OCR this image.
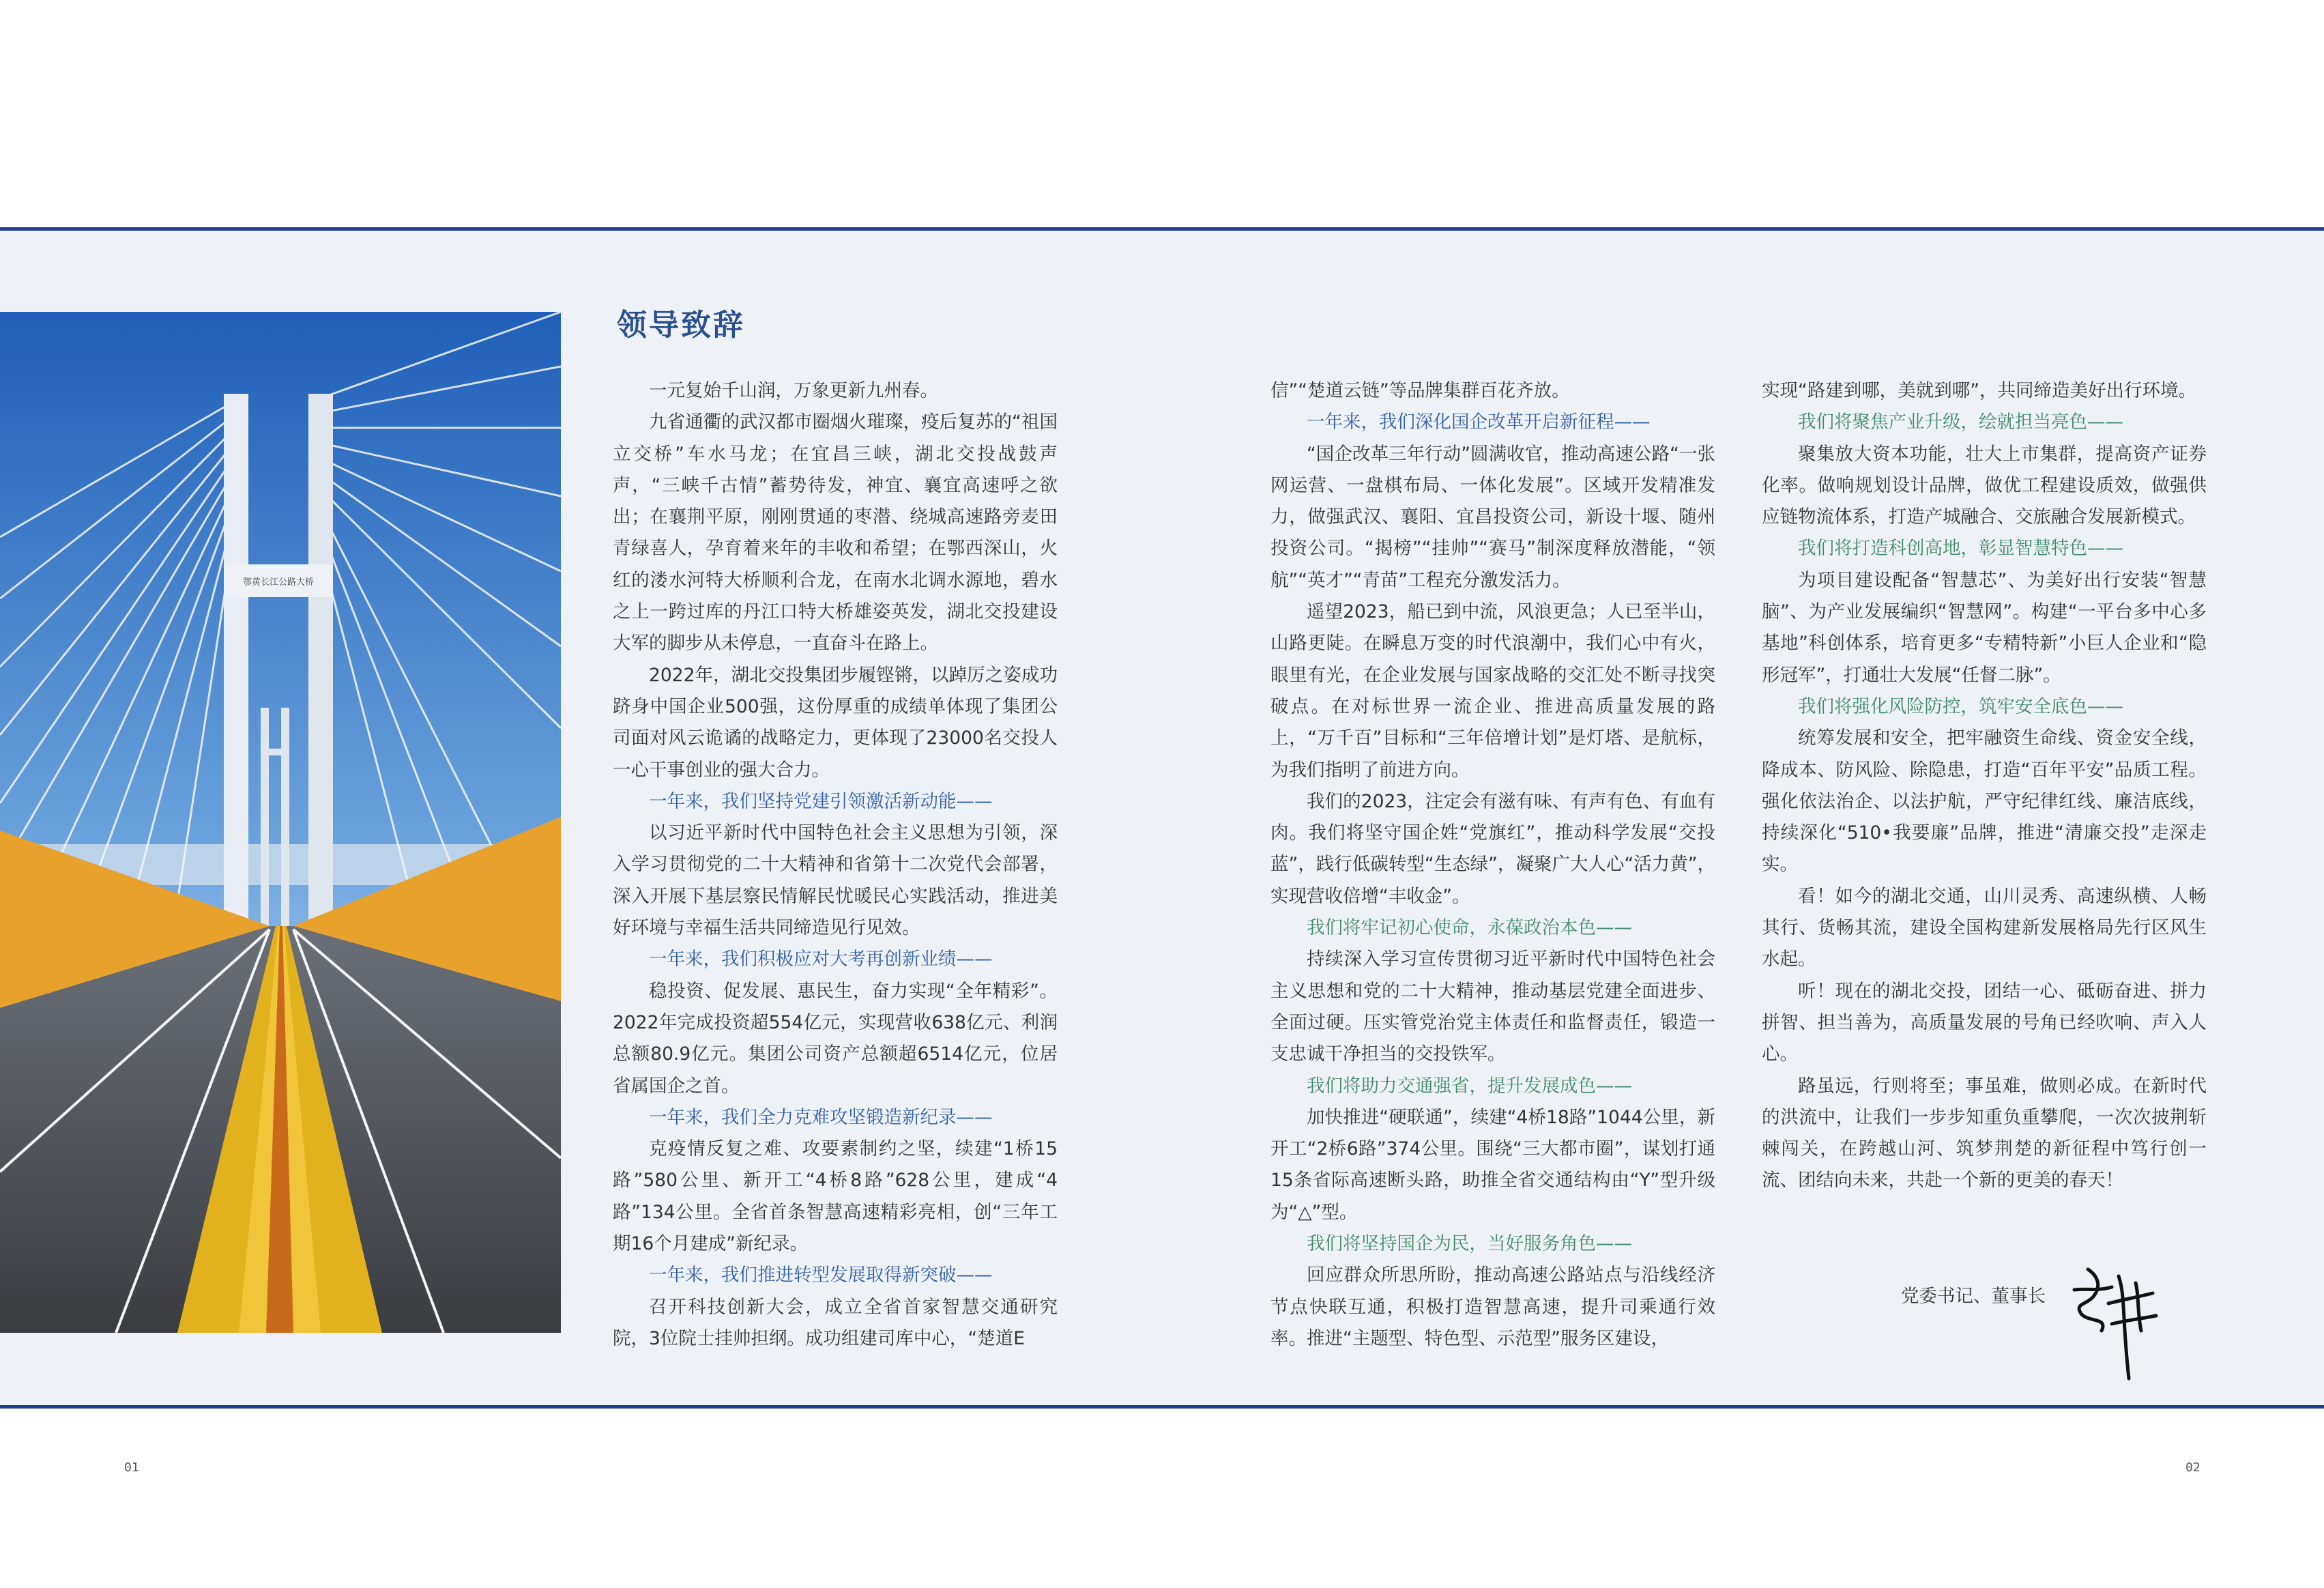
鄂黄长江公路大桥
领导致辞

一元复始千山润，万象更新九州春。

九省通衢的武汉都市圈烟火璀璨，疫后复苏的“祖国立交桥”车水马龙；在宜昌三峡，湖北交投战鼓声声，“三峡千古情”蓄势待发，神宜、襄宜高速呼之欲出；在襄荆平原，刚刚贯通的枣潜、绕城高速路旁麦田青绿喜人，孕育着来年的丰收和希望；在鄂西深山，火红的溇水河特大桥顺利合龙，在南水北调水源地，碧水之上一跨过库的丹江口特大桥雄姿英发，湖北交投建设大军的脚步从未停息，一直奋斗在路上。

2022年，湖北交投集团步履铿锵，以踔厉之姿成功跻身中国企业500强，这份厚重的成绩单体现了集团公司面对风云诡谲的战略定力，更体现了23000名交投人一心干事创业的强大合力。

一年来，我们坚持党建引领激活新动能——

以习近平新时代中国特色社会主义思想为引领，深入学习贯彻党的二十大精神和省第十二次党代会部署，深入开展下基层察民情解民忧暖民心实践活动，推进美好环境与幸福生活共同缔造见行见效。

一年来，我们积极应对大考再创新业绩——

稳投资、促发展、惠民生，奋力实现“全年精彩”。2022年完成投资超554亿元，实现营收638亿元、利润总额80.9亿元。集团公司资产总额超6514亿元，位居省属国企之首。

一年来，我们全力克难攻坚锻造新纪录——

克疫情反复之难、攻要素制约之坚，续建“1桥15路”580公里、新开工“4桥8路”628公里，建成“4路”134公里。全省首条智慧高速精彩亮相，创“三年工期16个月建成”新纪录。

一年来，我们推进转型发展取得新突破——

召开科技创新大会，成立全省首家智慧交通研究院，3位院士挂帅担纲。成功组建司库中心，“楚道E

信”“楚道云链”等品牌集群百花齐放。

一年来，我们深化国企改革开启新征程——

“国企改革三年行动”圆满收官，推动高速公路“一张网运营、一盘棋布局、一体化发展”。区域开发精准发力，做强武汉、襄阳、宜昌投资公司，新设十堰、随州投资公司。“揭榜”“挂帅”“赛马”制深度释放潜能，“领航”“英才”“青苗”工程充分激发活力。

遥望2023，船已到中流，风浪更急；人已至半山，山路更陡。在瞬息万变的时代浪潮中，我们心中有火，眼里有光，在企业发展与国家战略的交汇处不断寻找突破点。在对标世界一流企业、推进高质量发展的路上，“万千百”目标和“三年倍增计划”是灯塔、是航标，为我们指明了前进方向。

我们的2023，注定会有滋有味、有声有色、有血有肉。我们将坚守国企姓“党旗红”，推动科学发展“交投蓝”，践行低碳转型“生态绿”，凝聚广大人心“活力黄”，实现营收倍增“丰收金”。

我们将牢记初心使命，永葆政治本色——

持续深入学习宣传贯彻习近平新时代中国特色社会主义思想和党的二十大精神，推动基层党建全面进步、全面过硬。压实管党治党主体责任和监督责任，锻造一支忠诚干净担当的交投铁军。

我们将助力交通强省，提升发展成色——

加快推进“硬联通”，续建“4桥18路”1044公里，新开工“2桥6路”374公里。围绕“三大都市圈”，谋划打通15条省际高速断头路，助推全省交通结构由“Y”型升级为“△”型。

我们将坚持国企为民，当好服务角色——

回应群众所思所盼，推动高速公路站点与沿线经济节点快联互通，积极打造智慧高速，提升司乘通行效率。推进“主题型、特色型、示范型”服务区建设，

实现“路建到哪，美就到哪”，共同缔造美好出行环境。

我们将聚焦产业升级，绘就担当亮色——

聚集放大资本功能，壮大上市集群，提高资产证券化率。做响规划设计品牌，做优工程建设质效，做强供应链物流体系，打造产城融合、交旅融合发展新模式。

我们将打造科创高地，彰显智慧特色——

为项目建设配备“智慧芯”、为美好出行安装“智慧脑”、为产业发展编织“智慧网”。构建“一平台多中心多基地”科创体系，培育更多“专精特新”小巨人企业和“隐形冠军”，打通壮大发展“任督二脉”。

我们将强化风险防控，筑牢安全底色——

统筹发展和安全，把牢融资生命线、资金安全线，降成本、防风险、除隐患，打造“百年平安”品质工程。强化依法治企、以法护航，严守纪律红线、廉洁底线，持续深化“510•我要廉”品牌，推进“清廉交投”走深走实。

看！如今的湖北交通，山川灵秀、高速纵横、人畅其行、货畅其流，建设全国构建新发展格局先行区风生水起。

听！现在的湖北交投，团结一心、砥砺奋进、拼力拼智、担当善为，高质量发展的号角已经吹响、声入人心。

路虽远，行则将至；事虽难，做则必成。在新时代的洪流中，让我们一步步知重负重攀爬，一次次披荆斩棘闯关，在跨越山河、筑梦荆楚的新征程中笃行创一流、团结向未来，共赴一个新的更美的春天！

党委书记、董事长
01	02
